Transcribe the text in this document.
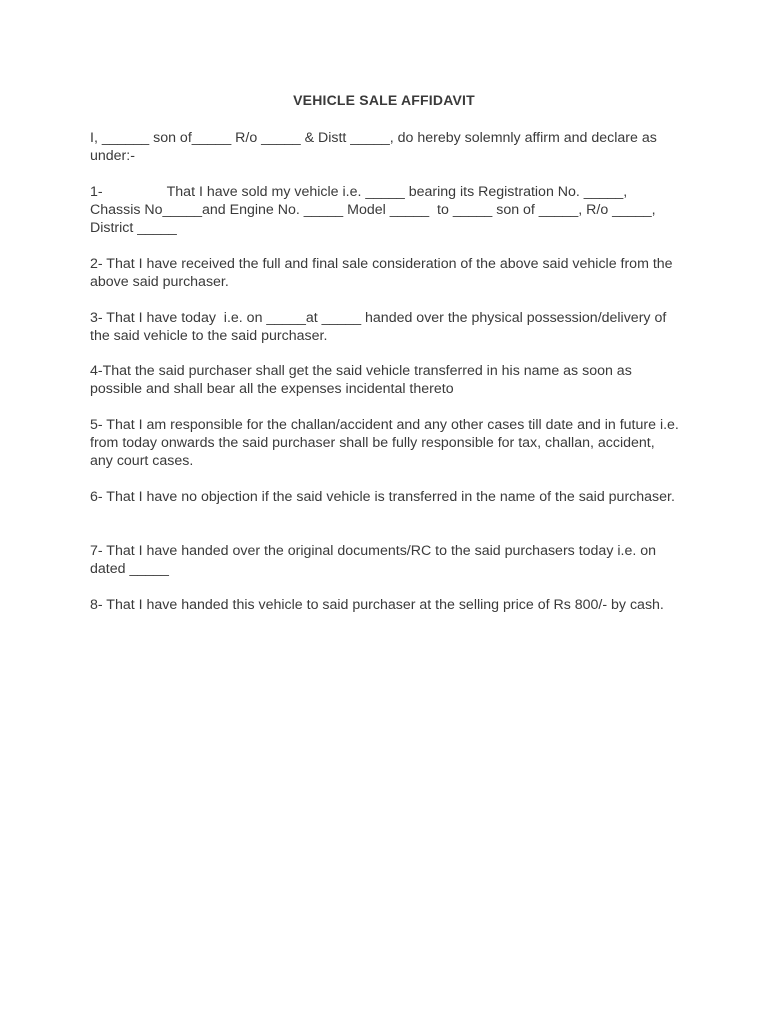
VEHICLE SALE AFFIDAVIT
I, ______ son of_____ R/o _____ & Distt _____, do hereby solemnly affirm and declare as under:-
1-	That I have sold my vehicle i.e. _____ bearing its Registration No. _____, Chassis No_____and Engine No. _____ Model _____  to _____ son of _____, R/o _____, District _____
2- That I have received the full and final sale consideration of the above said vehicle from the above said purchaser.
3- That I have today  i.e. on _____at _____ handed over the physical possession/delivery of the said vehicle to the said purchaser.
4-That the said purchaser shall get the said vehicle transferred in his name as soon as possible and shall bear all the expenses incidental thereto
5- That I am responsible for the challan/accident and any other cases till date and in future i.e. from today onwards the said purchaser shall be fully responsible for tax, challan, accident, any court cases.
6- That I have no objection if the said vehicle is transferred in the name of the said purchaser.
7- That I have handed over the original documents/RC to the said purchasers today i.e. on dated _____
8- That I have handed this vehicle to said purchaser at the selling price of Rs 800/- by cash.
